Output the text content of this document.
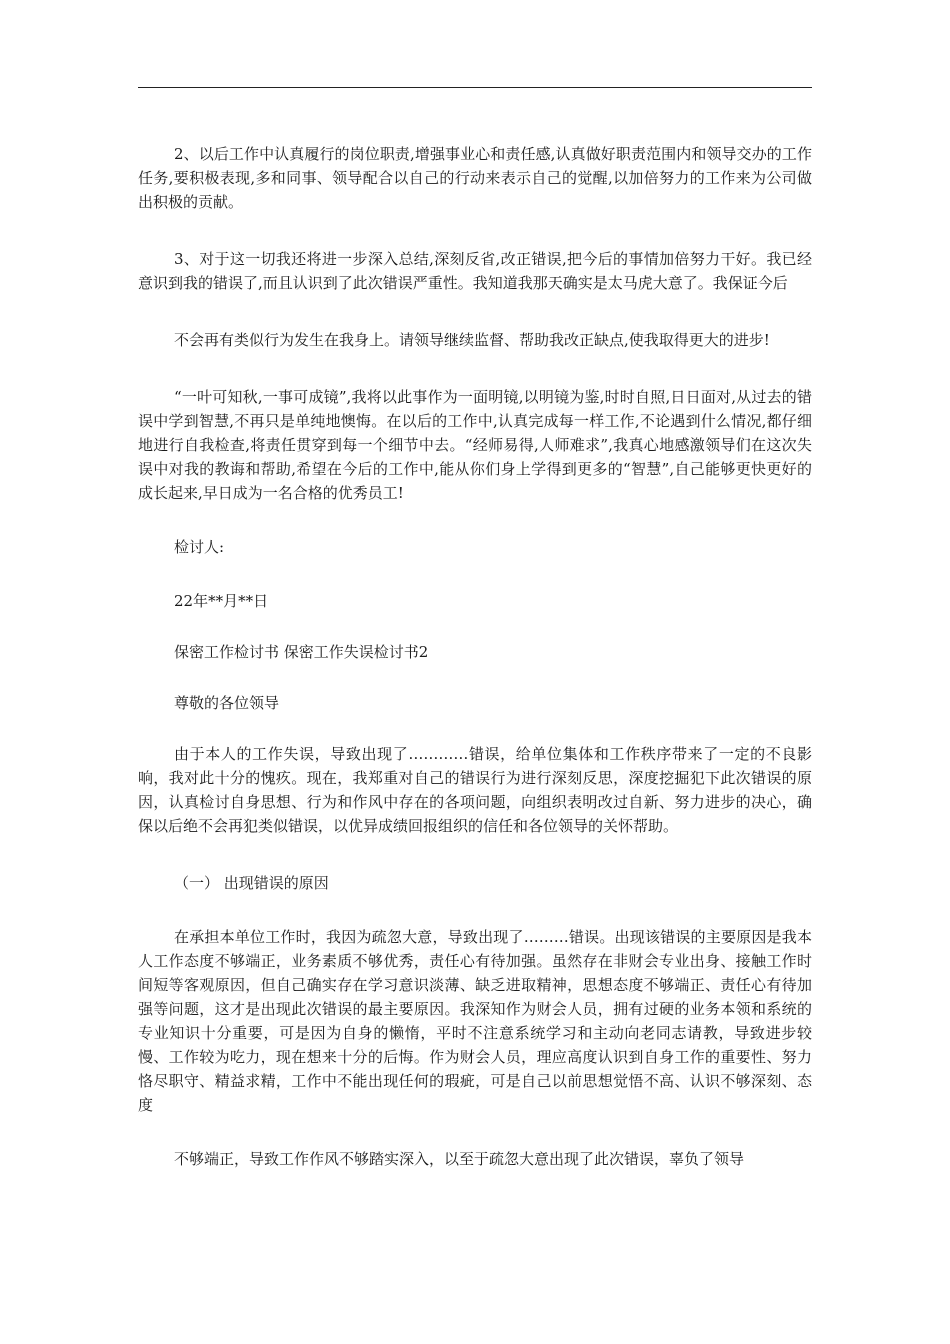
2、以后工作中认真履行的岗位职责,增强事业心和责任感,认真做好职责范围内和领导交办的工作任务,要积极表现,多和同事、领导配合以自己的行动来表示自己的觉醒,以加倍努力的工作来为公司做出积极的贡献。

3、对于这一切我还将进一步深入总结,深刻反省,改正错误,把今后的事情加倍努力干好。我已经意识到我的错误了,而且认识到了此次错误严重性。我知道我那天确实是太马虎大意了。我保证今后

不会再有类似行为发生在我身上。请领导继续监督、帮助我改正缺点,使我取得更大的进步!

“一叶可知秋,一事可成镜”,我将以此事作为一面明镜,以明镜为鉴,时时自照,日日面对,从过去的错误中学到智慧,不再只是单纯地懊悔。在以后的工作中,认真完成每一样工作,不论遇到什么情况,都仔细地进行自我检查,将责任贯穿到每一个细节中去。“经师易得,人师难求”,我真心地感激领导们在这次失误中对我的教诲和帮助,希望在今后的工作中,能从你们身上学得到更多的“智慧”,自己能够更快更好的成长起来,早日成为一名合格的优秀员工!

检讨人:

22年**月**日

保密工作检讨书 保密工作失误检讨书2

尊敬的各位领导

由于本人的工作失误，导致出现了…………错误，给单位集体和工作秩序带来了一定的不良影响，我对此十分的愧疚。现在，我郑重对自己的错误行为进行深刻反思，深度挖掘犯下此次错误的原因，认真检讨自身思想、行为和作风中存在的各项问题，向组织表明改过自新、努力进步的决心，确保以后绝不会再犯类似错误，以优异成绩回报组织的信任和各位领导的关怀帮助。

（一） 出现错误的原因

在承担本单位工作时，我因为疏忽大意，导致出现了………错误。出现该错误的主要原因是我本人工作态度不够端正，业务素质不够优秀，责任心有待加强。虽然存在非财会专业出身、接触工作时间短等客观原因，但自己确实存在学习意识淡薄、缺乏进取精神，思想态度不够端正、责任心有待加强等问题，这才是出现此次错误的最主要原因。我深知作为财会人员，拥有过硬的业务本领和系统的专业知识十分重要，可是因为自身的懒惰，平时不注意系统学习和主动向老同志请教，导致进步较慢、工作较为吃力，现在想来十分的后悔。作为财会人员，理应高度认识到自身工作的重要性、努力恪尽职守、精益求精，工作中不能出现任何的瑕疵，可是自己以前思想觉悟不高、认识不够深刻、态度

不够端正，导致工作作风不够踏实深入，以至于疏忽大意出现了此次错误，辜负了领导
